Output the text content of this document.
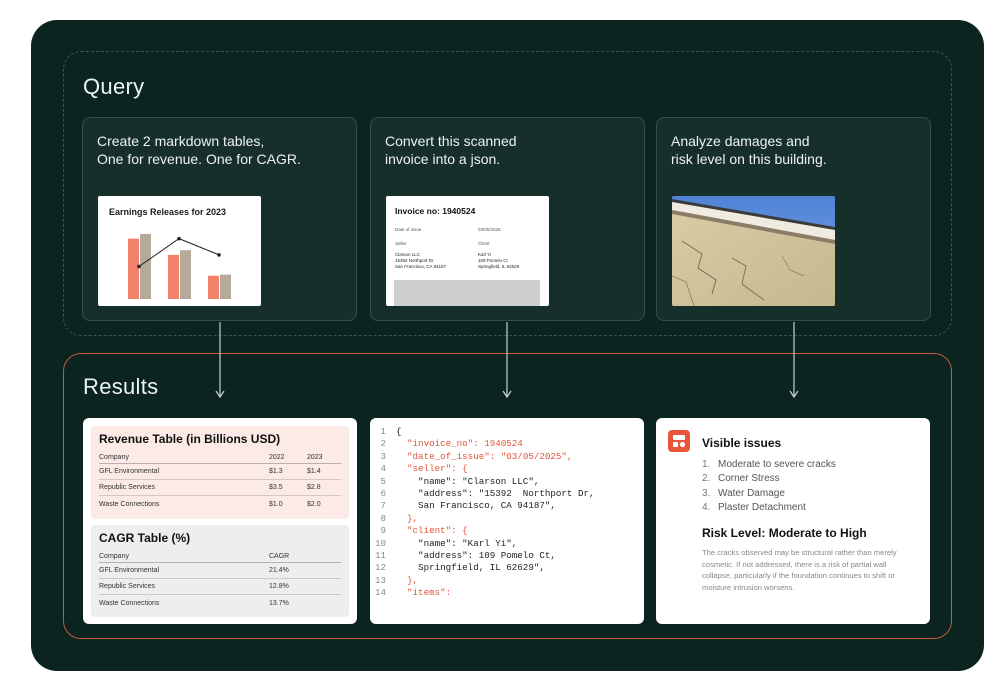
Query
Results
Create 2 markdown tables,
One for revenue. One for CAGR.
Earnings Releases for 2023
Convert this scanned
invoice into a json.
Invoice no: 1940524
Date of issue	03/05/2025
Seller	Client
Clarson LLC
15392 Northport Dr
San Francisco, CA 94187
Karl Yi
109 Pomelo Ct
Springfield, IL 62629
Analyze damages and
risk level on this building.
Revenue Table (in Billions USD)
Company	2022	2023
GFL Environmental	$1.3	$1.4
Republic Services	$3.5	$2.8
Waste Connections	$1.0	$2.0
CAGR Table (%)
Company	CAGR
GFL Environmental	21.4%
Republic Services	12.8%
Waste Connections	13.7%
1	{
2
	"invoice_no": 1940524
3
	"date_of_issue": "03/05/2025",
4
	"seller": {
5	"name": "Clarson LLC",
6	"address": "15392  Northport Dr,
7	San Francisco, CA 94187",
8
	},
9
	"client": {
10	"name": "Karl Yi",
11	"address": 109 Pomelo Ct,
12	Springfield, IL 62629",
13
	},
14
	"items":
Visible issues
1. Moderate to severe cracks
2. Corner Stress
3. Water Damage
4. Plaster Detachment
Risk Level: Moderate to High
The cracks observed may be structural rather than merely cosmetic. If not addressed, there is a risk of partial wall collapse, particularly if the foundation continues to shift or moisture intrusion worsens.
